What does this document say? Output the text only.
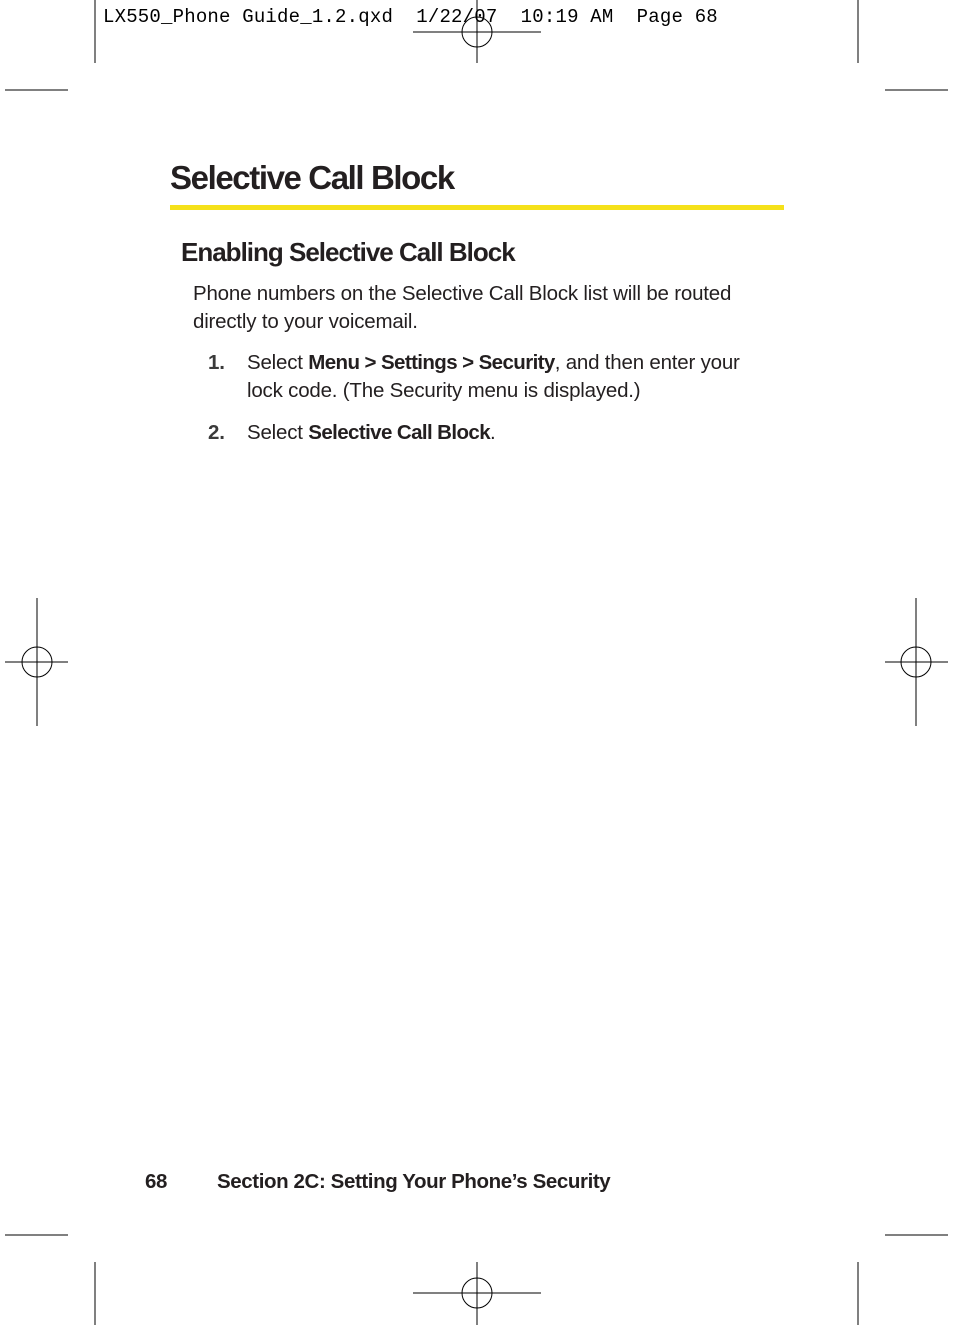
LX550_Phone Guide_1.2.qxd  1/22/07  10:19 AM  Page 68
Selective Call Block
Enabling Selective Call Block

Phone numbers on the Selective Call Block list will be routed directly to your voicemail.

1. Select Menu > Settings > Security, and then enter your lock code. (The Security menu is displayed.)
2. Select Selective Call Block.
68 Section 2C: Setting Your Phone’s Security
